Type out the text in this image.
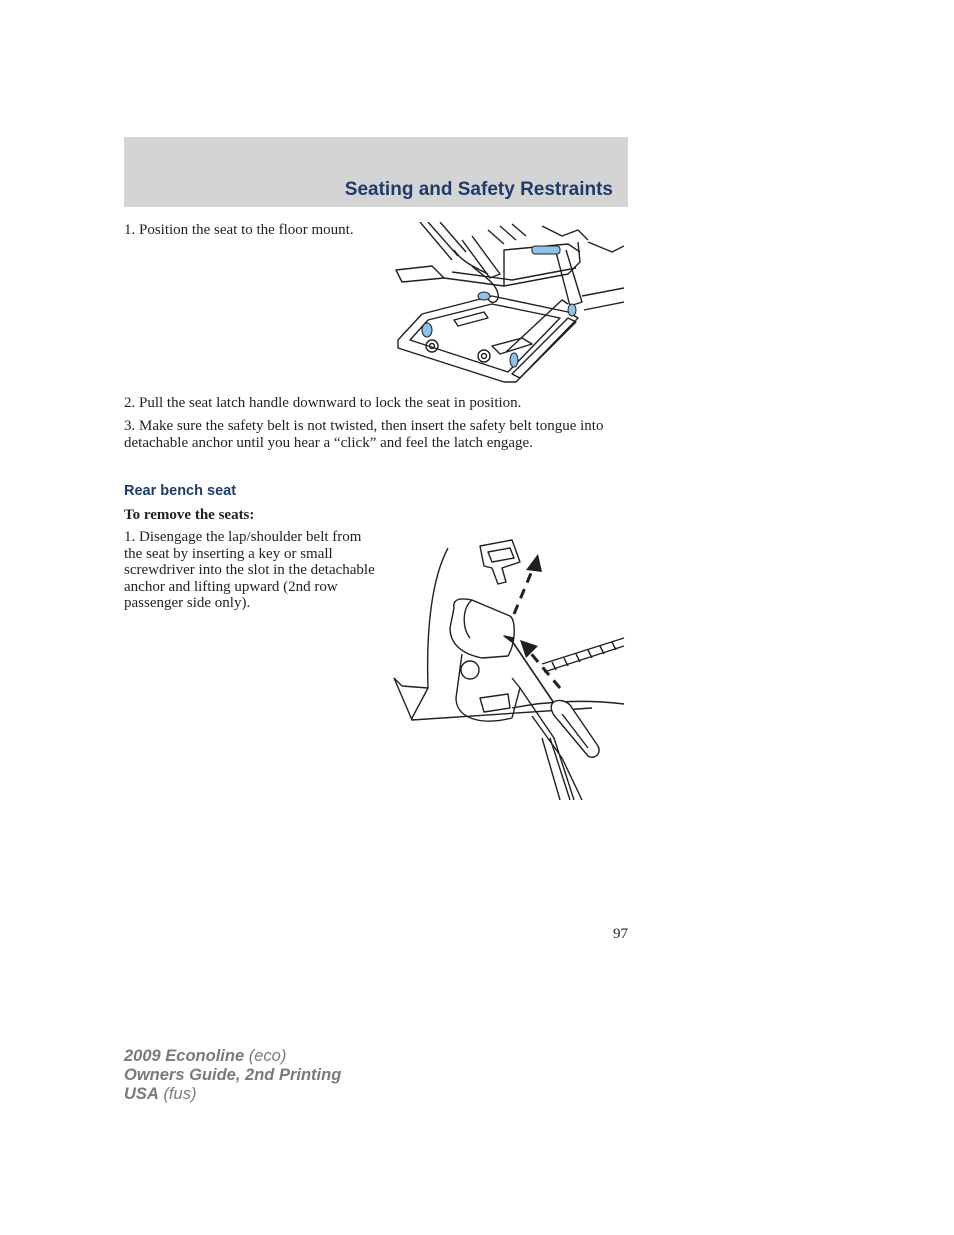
Seating and Safety Restraints

1. Position the seat to the floor mount.

2. Pull the seat latch handle downward to lock the seat in position.

3. Make sure the safety belt is not twisted, then insert the safety belt tongue into detachable anchor until you hear a “click” and feel the latch engage.

Rear bench seat

To remove the seats:

1. Disengage the lap/shoulder belt from the seat by inserting a key or small screwdriver into the slot in the detachable anchor and lifting upward (2nd row passenger side only).

97
2009 Econoline (eco)
Owners Guide, 2nd Printing
USA (fus)
